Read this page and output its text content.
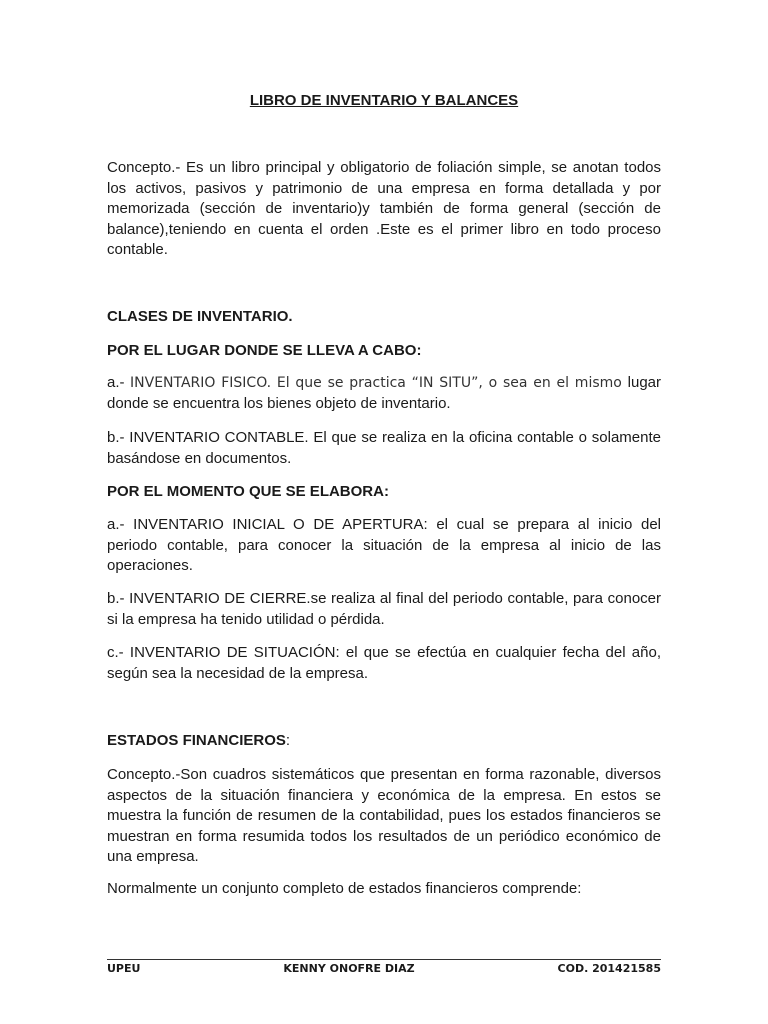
LIBRO DE INVENTARIO Y BALANCES
Concepto.- Es un libro principal y obligatorio de foliación simple, se anotan todos los activos, pasivos y patrimonio de una empresa en forma detallada y por memorizada (sección de inventario)y también de forma general (sección de balance),teniendo en cuenta el orden .Este es el primer libro en todo proceso contable.
CLASES DE INVENTARIO.
POR EL LUGAR DONDE SE LLEVA A CABO:
a.- INVENTARIO FISICO. El que se practica “IN SITU”, o sea en el mismo lugar donde se encuentra los bienes objeto de inventario.
b.- INVENTARIO CONTABLE. El que se realiza en la oficina contable o solamente basándose en documentos.
POR EL MOMENTO QUE SE ELABORA:
a.- INVENTARIO INICIAL O DE APERTURA: el cual se prepara al inicio del periodo contable, para conocer la situación de la empresa al inicio de las operaciones.
b.- INVENTARIO DE CIERRE.se realiza al final del periodo contable, para conocer si la empresa ha tenido utilidad o pérdida.
c.- INVENTARIO DE SITUACIÓN: el que se efectúa en cualquier fecha del año, según sea la necesidad de la empresa.
ESTADOS FINANCIEROS:
Concepto.-Son cuadros sistemáticos que presentan en forma razonable, diversos aspectos de la situación financiera y económica de la empresa. En estos se muestra la función de resumen de la contabilidad, pues los estados financieros se muestran en forma resumida todos los resultados de un periódico económico de una empresa.
Normalmente un conjunto completo de estados financieros comprende:
UPEU	KENNY ONOFRE DIAZ	COD. 201421585
